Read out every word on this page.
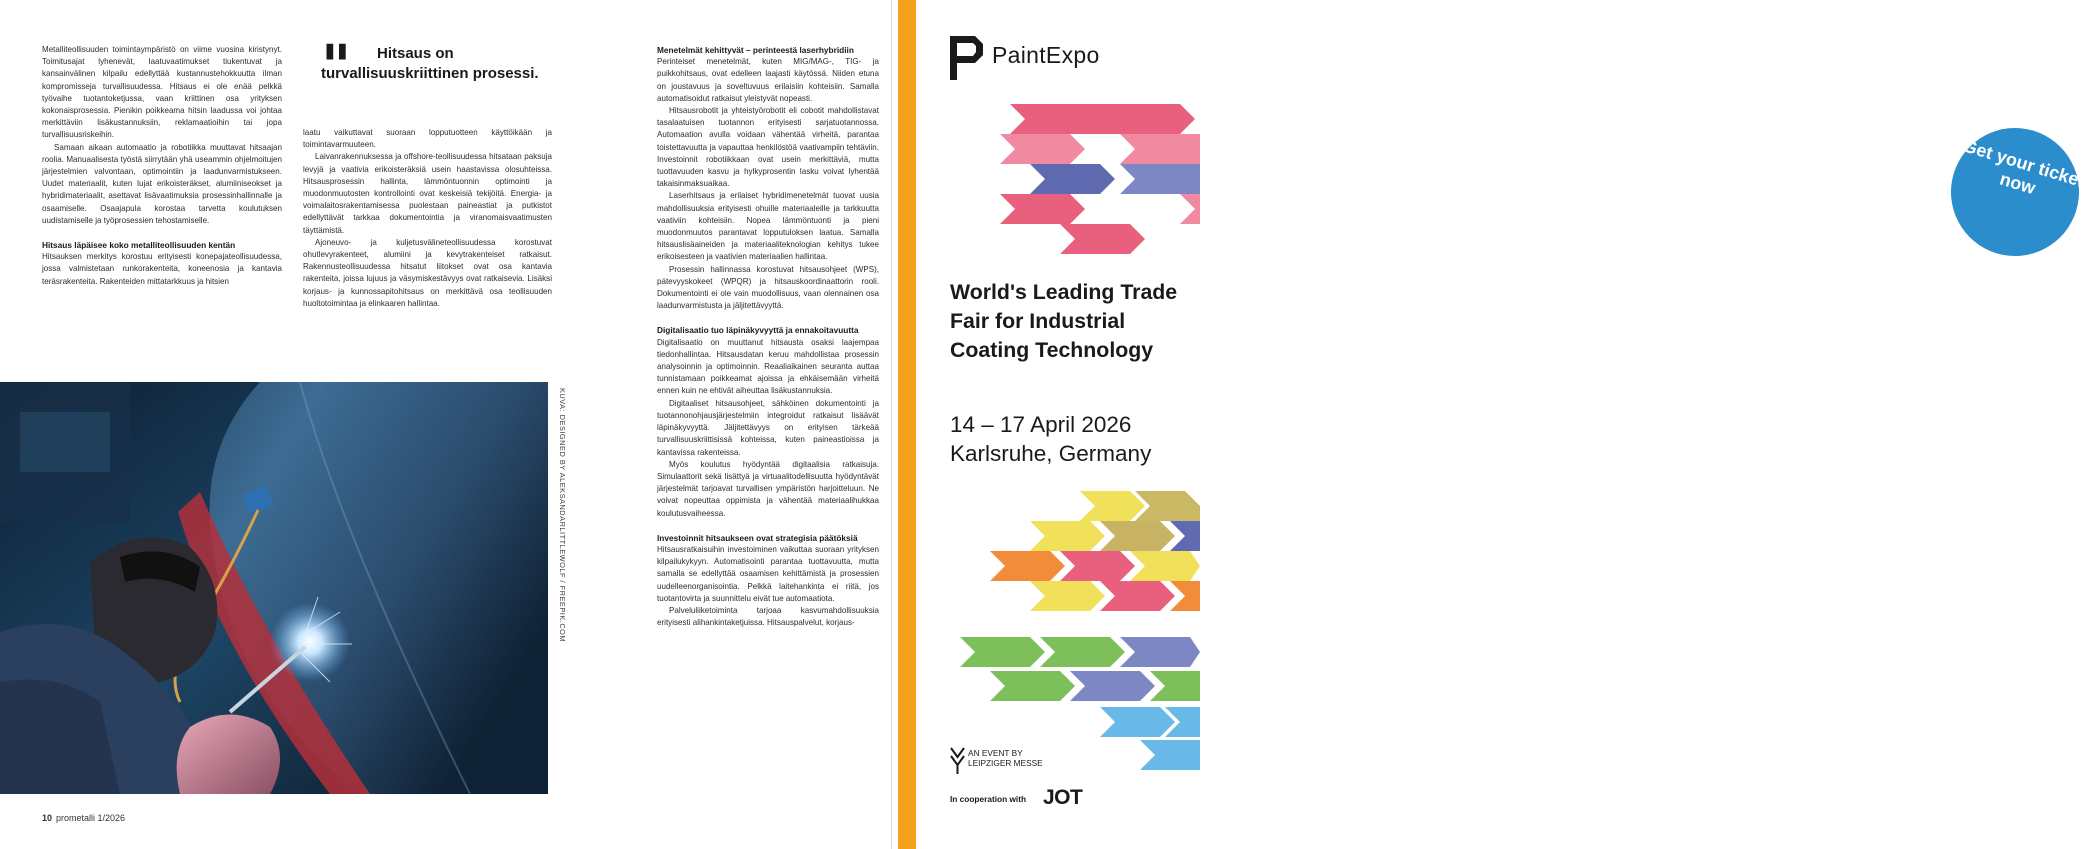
Metalliteollisuuden toimintaympäristö on viime vuosina kiristynyt. Toimitusajat lyhenevät, laatuvaatimukset tiukentuvat ja kansainvälinen kilpailu edellyttää kustannustehokkuutta ilman kompromisseja turvallisuudessa. Hitsaus ei ole enää pelkkä työvaihe tuotantoketjussa, vaan kriittinen osa yrityksen kokonaisprosessia. Pienikin poikkeama hitsin laadussa voi johtaa merkittäviin lisäkustannuksiin, reklamaatioihin tai jopa turvallisuusriskeihin.

Samaan aikaan automaatio ja robotiikka muuttavat hitsaajan roolia. Manuaalisesta työstä siirrytään yhä useammin ohjelmoitujen järjestelmien valvontaan, optimointiin ja laadunvarmistukseen. Uudet materiaalit, kuten lujat erikoisteräkset, alumiiniseokset ja hybridimateriaalit, asettavat lisävaatimuksia prosessinhallinnalle ja osaamiselle. Osaajapula korostaa tarvetta koulutuksen uudistamiselle ja työprosessien tehostamiselle.

Hitsaus läpäisee koko metalliteollisuuden kentän

Hitsauksen merkitys korostuu erityisesti konepajateollisuudessa, jossa valmistetaan runkorakenteita, koneenosia ja kantavia teräsrakenteita. Rakenteiden mittatarkkuus ja hitsien

"	Hitsaus on turvallisuuskriittinen prosessi.

laatu vaikuttavat suoraan lopputuotteen käyttöikään ja toimintavarmuuteen.

Laivanrakennuksessa ja offshore-teollisuudessa hitsataan paksuja levyjä ja vaativia erikoisteräksiä usein haastavissa olosuhteissa. Hitsausprosessin hallinta, lämmöntuonnin optimointi ja muodonmuutosten kontrollointi ovat keskeisiä tekijöitä. Energia- ja voimalaitosrakentamisessa puolestaan paineastiat ja putkistot edellyttävät tarkkaa dokumentointia ja viranomaisvaatimusten täyttämistä.

Ajoneuvo- ja kuljetusvälineteollisuudessa korostuvat ohutlevyrakenteet, alumiini ja kevytrakenteiset ratkaisut. Rakennusteollisuudessa hitsatut liitokset ovat osa kantavia rakenteita, joissa lujuus ja väsymiskestävyys ovat ratkaisevia. Lisäksi korjaus- ja kunnossapitohitsaus on merkittävä osa teollisuuden huoltotoimintaa ja elinkaaren hallintaa.

Menetelmät kehittyvät – perinteestä laserhybridiin

Perinteiset menetelmät, kuten MIG/MAG-, TIG- ja puikkohitsaus, ovat edelleen laajasti käytössä. Niiden etuna on joustavuus ja soveltuvuus erilaisiin kohteisiin. Samalla automatisoidut ratkaisut yleistyvät nopeasti.

Hitsausrobotit ja yhteistyörobotit eli cobotit mahdollistavat tasalaatuisen tuotannon erityisesti sarjatuotannossa. Automaation avulla voidaan vähentää virheitä, parantaa toistettavuutta ja vapauttaa henkilöstöä vaativampiin tehtäviin. Investoinnit robotiikkaan ovat usein merkittäviä, mutta tuottavuuden kasvu ja hylkyprosentin lasku voivat lyhentää takaisinmaksuaikaa.

Laserhitsaus ja erilaiset hybridimenetelmät tuovat uusia mahdollisuuksia erityisesti ohuille materiaaleille ja tarkkuutta vaativiin kohteisiin. Nopea lämmöntuonti ja pieni muodonmuutos parantavat lopputuloksen laatua. Samalla hitsauslisäaineiden ja materiaaliteknologian kehitys tukee erikoisesteen ja vaativien materiaalien hallintaa.

Prosessin hallinnassa korostuvat hitsausohjeet (WPS), pätevyyskokeet (WPQR) ja hitsauskoordinaattorin rooli. Dokumentointi ei ole vain muodollisuus, vaan olennainen osa laadunvarmistusta ja jäljitettävyyttä.

Digitalisaatio tuo läpinäkyvyyttä ja ennakoitavuutta

Digitalisaatio on muuttanut hitsausta osaksi laajempaa tiedonhallintaa. Hitsausdatan keruu mahdollistaa prosessin analysoinnin ja optimoinnin. Reaaliaikainen seuranta auttaa tunnistamaan poikkeamat ajoissa ja ehkäisemään virheitä ennen kuin ne ehtivät aiheuttaa lisäkustannuksia.

Digitaaliset hitsausohjeet, sähköinen dokumentointi ja tuotannonohjausjärjestelmiin integroidut ratkaisut lisäävät läpinäkyvyyttä. Jäljitettävyys on erityisen tärkeää turvallisuuskriittisissä kohteissa, kuten paineastioissa ja kantavissa rakenteissa.

Myös koulutus hyödyntää digitaalisia ratkaisuja. Simulaattorit sekä lisättyä ja virtuaalitodellisuutta hyödyntävät järjestelmät tarjoavat turvallisen ympäristön harjoitteluun. Ne voivat nopeuttaa oppimista ja vähentää materiaalihukkaa koulutusvaiheessa.

Investoinnit hitsaukseen ovat strategisia päätöksiä

Hitsausratkaisuihin investoiminen vaikuttaa suoraan yrityksen kilpailukykyyn. Automatisointi parantaa tuottavuutta, mutta samalla se edellyttää osaamisen kehittämistä ja prosessien uudelleenorganisointia. Pelkkä laitehankinta ei riitä, jos tuotantovirta ja suunnittelu eivät tue automaatiota.

Palveluliiketoiminta tarjoaa kasvumahdollisuuksia erityisesti alihankintaketjuissa. Hitsauspalvelut, korjaus-

KUVA: DESIGNED BY ALEKSANDARLITTLEWOLF / FREEPIK.COM
10 prometalli 1/2026
Get your ticket now
PaintExpo
World's Leading Trade Fair for Industrial Coating Technology
14 – 17 April 2026
Karlsruhe, Germany
AN EVENT BY
LEIPZIGER MESSE
In cooperation with JOT
